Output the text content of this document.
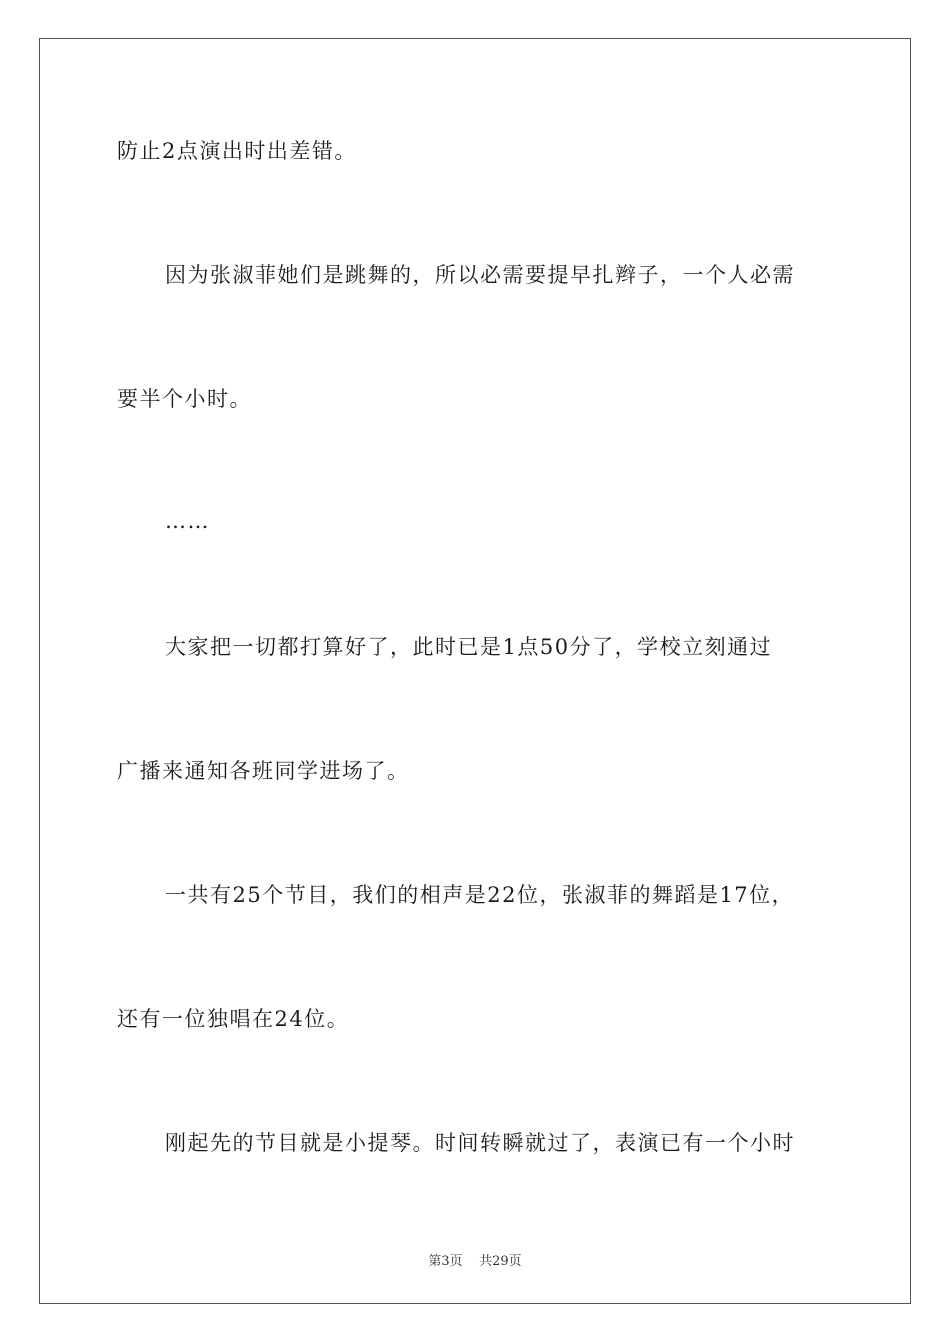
防止2点演出时出差错。
因为张淑菲她们是跳舞的，所以必需要提早扎辫子，一个人必需
要半个小时。
……
大家把一切都打算好了，此时已是1点50分了，学校立刻通过
广播来通知各班同学进场了。
一共有25个节目，我们的相声是22位，张淑菲的舞蹈是17位，
还有一位独唱在24位。
刚起先的节目就是小提琴。时间转瞬就过了，表演已有一个小时
第3页 共29页
